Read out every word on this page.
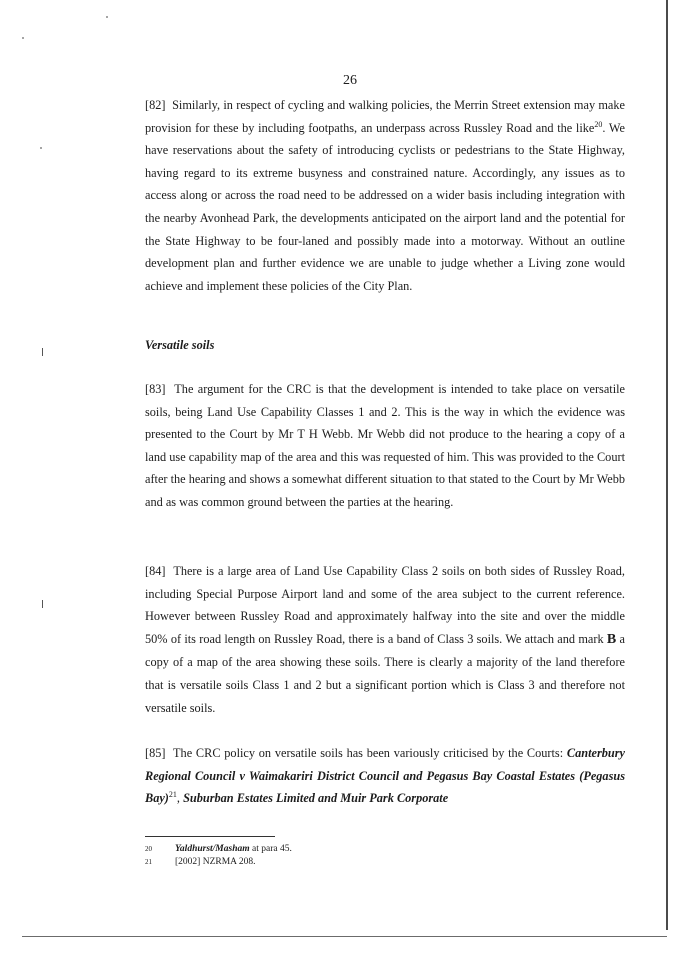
26

[82] Similarly, in respect of cycling and walking policies, the Merrin Street extension may make provision for these by including footpaths, an underpass across Russley Road and the like$^{20}$. We have reservations about the safety of introducing cyclists or pedestrians to the State Highway, having regard to its extreme busyness and constrained nature. Accordingly, any issues as to access along or across the road need to be addressed on a wider basis including integration with the nearby Avonhead Park, the developments anticipated on the airport land and the potential for the State Highway to be four-laned and possibly made into a motorway. Without an outline development plan and further evidence we are unable to judge whether a Living zone would achieve and implement these policies of the City Plan.

Versatile soils

[83] The argument for the CRC is that the development is intended to take place on versatile soils, being Land Use Capability Classes 1 and 2. This is the way in which the evidence was presented to the Court by Mr T H Webb. Mr Webb did not produce to the hearing a copy of a land use capability map of the area and this was requested of him. This was provided to the Court after the hearing and shows a somewhat different situation to that stated to the Court by Mr Webb and as was common ground between the parties at the hearing.

[84] There is a large area of Land Use Capability Class 2 soils on both sides of Russley Road, including Special Purpose Airport land and some of the area subject to the current reference. However between Russley Road and approximately halfway into the site and over the middle 50% of its road length on Russley Road, there is a band of Class 3 soils. We attach and mark B a copy of a map of the area showing these soils. There is clearly a majority of the land therefore that is versatile soils Class 1 and 2 but a significant portion which is Class 3 and therefore not versatile soils.

[85] The CRC policy on versatile soils has been variously criticised by the Courts: Canterbury Regional Council v Waimakariri District Council and Pegasus Bay Coastal Estates (Pegasus Bay)$^{21}$, Suburban Estates Limited and Muir Park Corporate

20 Yaldhurst/Masham at para 45.
21 [2002] NZRMA 208.
